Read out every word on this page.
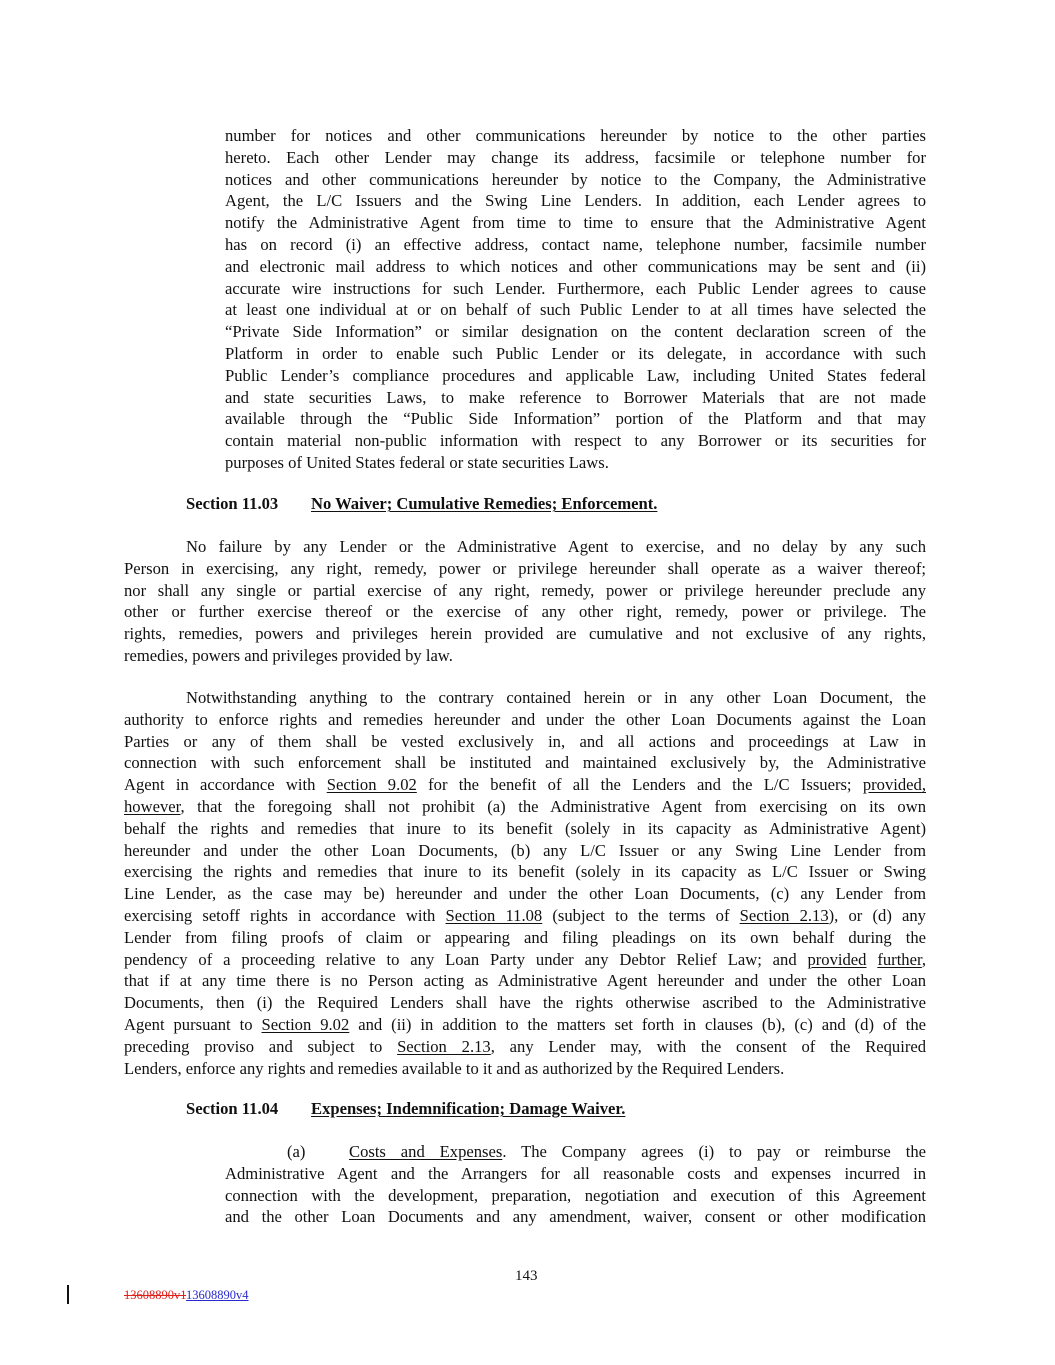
number for notices and other communications hereunder by notice to the other parties
hereto. Each other Lender may change its address, facsimile or telephone number for
notices and other communications hereunder by notice to the Company, the Administrative
Agent, the L/C Issuers and the Swing Line Lenders. In addition, each Lender agrees to
notify the Administrative Agent from time to time to ensure that the Administrative Agent
has on record (i) an effective address, contact name, telephone number, facsimile number
and electronic mail address to which notices and other communications may be sent and (ii)
accurate wire instructions for such Lender. Furthermore, each Public Lender agrees to cause
at least one individual at or on behalf of such Public Lender to at all times have selected the
“Private Side Information” or similar designation on the content declaration screen of the
Platform in order to enable such Public Lender or its delegate, in accordance with such
Public Lender’s compliance procedures and applicable Law, including United States federal
and state securities Laws, to make reference to Borrower Materials that are not made
available through the “Public Side Information” portion of the Platform and that may
contain material non-public information with respect to any Borrower or its securities for
purposes of United States federal or state securities Laws.
Section 11.03 No Waiver; Cumulative Remedies; Enforcement.
No failure by any Lender or the Administrative Agent to exercise, and no delay by any such
Person in exercising, any right, remedy, power or privilege hereunder shall operate as a waiver thereof;
nor shall any single or partial exercise of any right, remedy, power or privilege hereunder preclude any
other or further exercise thereof or the exercise of any other right, remedy, power or privilege. The
rights, remedies, powers and privileges herein provided are cumulative and not exclusive of any rights,
remedies, powers and privileges provided by law.
Notwithstanding anything to the contrary contained herein or in any other Loan Document, the
authority to enforce rights and remedies hereunder and under the other Loan Documents against the Loan
Parties or any of them shall be vested exclusively in, and all actions and proceedings at Law in
connection with such enforcement shall be instituted and maintained exclusively by, the Administrative
Agent in accordance with Section 9.02 for the benefit of all the Lenders and the L/C Issuers; provided,
however, that the foregoing shall not prohibit (a) the Administrative Agent from exercising on its own
behalf the rights and remedies that inure to its benefit (solely in its capacity as Administrative Agent)
hereunder and under the other Loan Documents, (b) any L/C Issuer or any Swing Line Lender from
exercising the rights and remedies that inure to its benefit (solely in its capacity as L/C Issuer or Swing
Line Lender, as the case may be) hereunder and under the other Loan Documents, (c) any Lender from
exercising setoff rights in accordance with Section 11.08 (subject to the terms of Section 2.13), or (d) any
Lender from filing proofs of claim or appearing and filing pleadings on its own behalf during the
pendency of a proceeding relative to any Loan Party under any Debtor Relief Law; and provided further,
that if at any time there is no Person acting as Administrative Agent hereunder and under the other Loan
Documents, then (i) the Required Lenders shall have the rights otherwise ascribed to the Administrative
Agent pursuant to Section 9.02 and (ii) in addition to the matters set forth in clauses (b), (c) and (d) of the
preceding proviso and subject to Section 2.13, any Lender may, with the consent of the Required
Lenders, enforce any rights and remedies available to it and as authorized by the Required Lenders.
Section 11.04 Expenses; Indemnification; Damage Waiver.
(a)	Costs and Expenses. The Company agrees (i) to pay or reimburse the
Administrative Agent and the Arrangers for all reasonable costs and expenses incurred in
connection with the development, preparation, negotiation and execution of this Agreement
and the other Loan Documents and any amendment, waiver, consent or other modification
143
13608890v113608890v4
